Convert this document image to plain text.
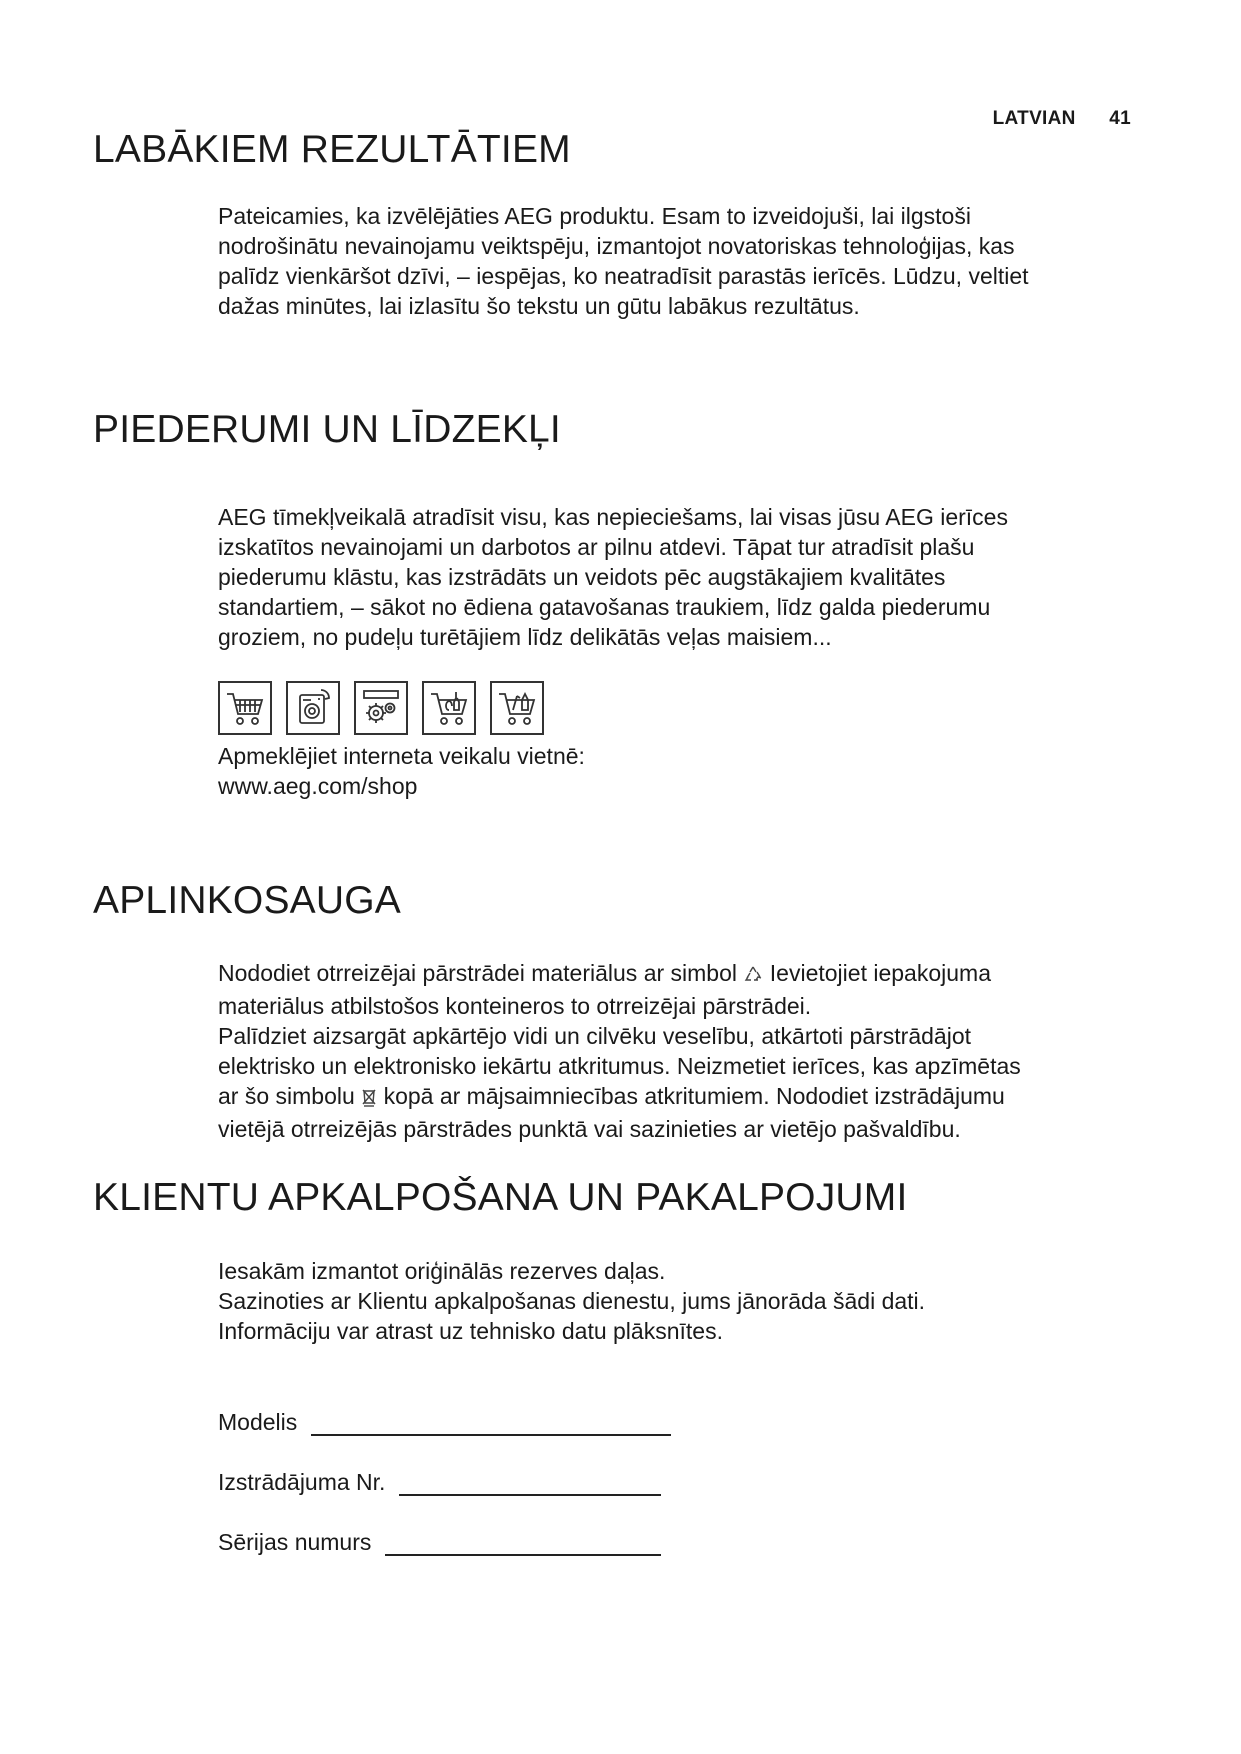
LATVIAN 41
LABĀKIEM REZULTĀTIEM

Pateicamies, ka izvēlējāties AEG produktu. Esam to izveidojuši, lai ilgstoši

nodrošinātu nevainojamu veiktspēju, izmantojot novatoriskas tehnoloģijas, kas

palīdz vienkāršot dzīvi, – iespējas, ko neatradīsit parastās ierīcēs. Lūdzu, veltiet

dažas minūtes, lai izlasītu šo tekstu un gūtu labākus rezultātus.

PIEDERUMI UN LĪDZEKĻI

AEG tīmekļveikalā atradīsit visu, kas nepieciešams, lai visas jūsu AEG ierīces

izskatītos nevainojami un darbotos ar pilnu atdevi. Tāpat tur atradīsit plašu

piederumu klāstu, kas izstrādāts un veidots pēc augstākajiem kvalitātes

standartiem, – sākot no ēdiena gatavošanas traukiem, līdz galda piederumu

groziem, no pudeļu turētājiem līdz delikātās veļas maisiem...

Apmeklējiet interneta veikalu vietnē:

www.aeg.com/shop

APLINKOSAUGA

Nododiet otrreizējai pārstrādei materiālus ar simbol Ievietojiet iepakojuma

materiālus atbilstošos konteineros to otrreizējai pārstrādei.

Palīdziet aizsargāt apkārtējo vidi un cilvēku veselību, atkārtoti pārstrādājot

elektrisko un elektronisko iekārtu atkritumus. Neizmetiet ierīces, kas apzīmētas

ar šo simbolu kopā ar mājsaimniecības atkritumiem. Nododiet izstrādājumu

vietējā otrreizējās pārstrādes punktā vai sazinieties ar vietējo pašvaldību.

KLIENTU APKALPOŠANA UN PAKALPOJUMI

Iesakām izmantot oriģinālās rezerves daļas.

Sazinoties ar Klientu apkalpošanas dienestu, jums jānorāda šādi dati.

Informāciju var atrast uz tehnisko datu plāksnītes.

Modelis
Izstrādājuma Nr.
Sērijas numurs
